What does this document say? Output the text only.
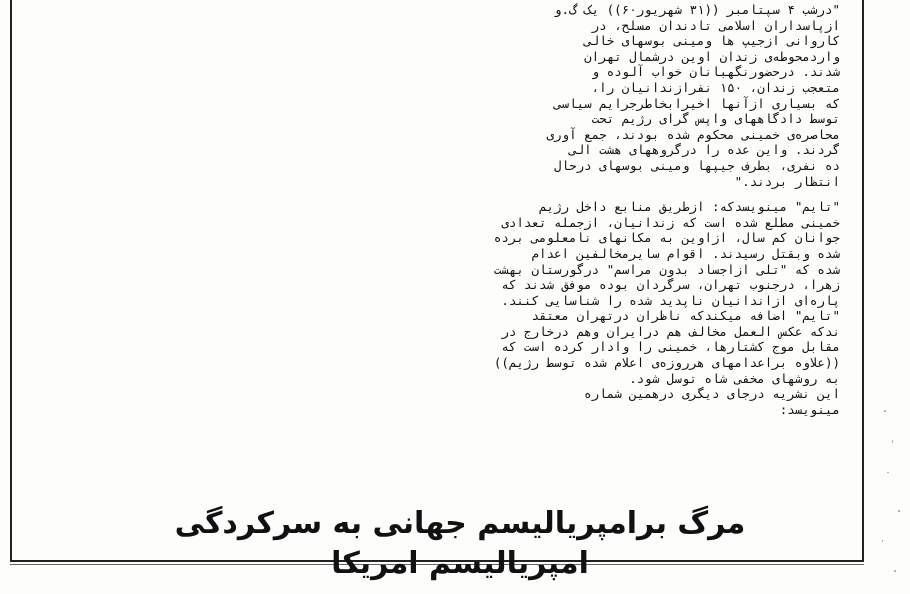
"درشب ۴ سپتامبر ((۳۱ شهریور۶۰)) یک گ.و
ازپاسداران اسلامی تادندان مسلح، در
کاروانی ازجیپ ها ومینی بوسهای خالی
واردمحوطه‌ی زندان اوین درشمال تهران
شدند. درحضورنگهبانان خواب آلوده و
متعجب زندان، ۱۵۰ نفرازندانیان را،
که بسیاری ازآنها اخیرابخاطرجرایم سیاسی
توسط دادگاههای واپس گرای رژیم تحت
محاصره‌ی خمینی محکوم شده بودند، جمع آوری
گردند. واین عده را درگروههای هشت الی
ده نفری، بطرف جیپها ومینی بوسهای درحال
انتظار بردند."
"تایم" مینویسدکه: ازطریق منابع داخل رژیم
خمینی مطلع شده است که زندانیان، ازجمله تعدادی
جوانان کم سال، ازاوین به مکانهای نامعلومی برده
شده وبقتل رسیدند. اقوام سایرمخالفین اعدام
شده که "تلی ازاجساد بدون مراسم" درگورستان بهشت
زهرا، درجنوب تهران، سرگردان بوده موفق شدند که
پاره‌ای ازاندانیان ناپدید شده را شناسایی کنند.
"تایم" اضافه میکندکه ناظران درتهران معتقد
ندکه عکس العمل مخالف هم درایران وهم درخارج در
مقابل موج کشتارها، خمینی را وادار کرده است که
((علاوه براعدامهای هرروزه‌ی اعلام شده توسط رژیم))
به روشهای مخفی شاه توسل شود.
این نشریه درجای دیگری درهمین شماره
مینویسد:
مرگ برامپریالیسم جهانی به سرکردگی امپریالیسم امریکا
